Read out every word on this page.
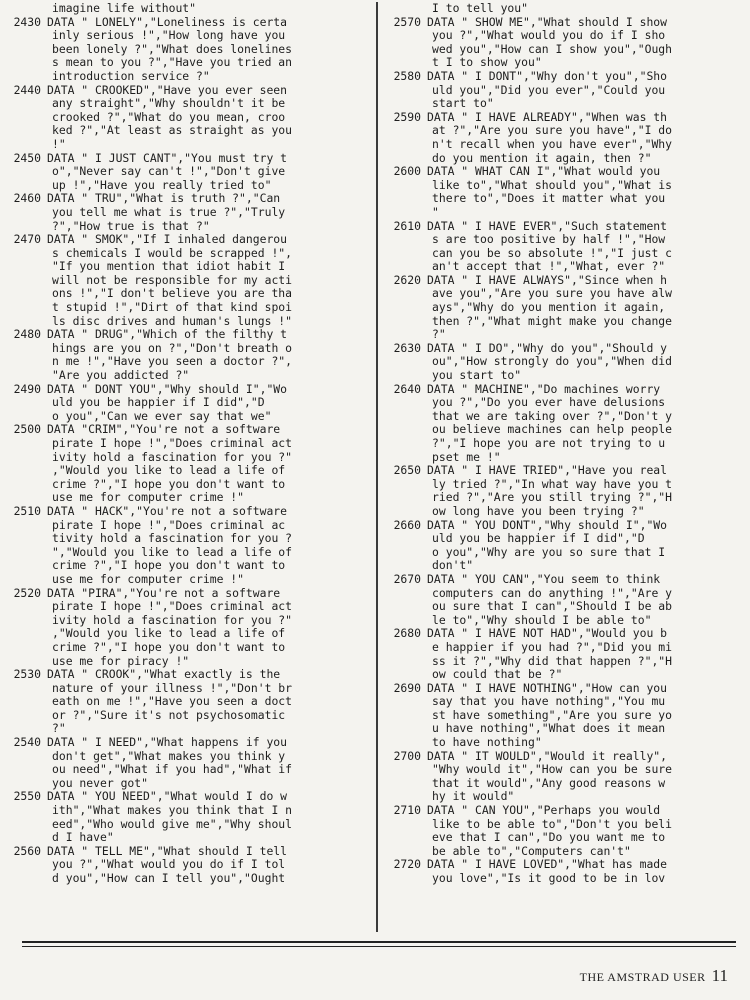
imagine life without"
2430 DATA " LONELY","Loneliness is certa
inly serious !","How long have you
been lonely ?","What does lonelines
s mean to you ?","Have you tried an
introduction service ?"
2440 DATA " CROOKED","Have you ever seen
any straight","Why shouldn't it be
crooked ?","What do you mean, croo
ked ?","At least as straight as you
!"
2450 DATA " I JUST CANT","You must try t
o","Never say can't !","Don't give
up !","Have you really tried to"
2460 DATA " TRU","What is truth ?","Can
you tell me what is true ?","Truly
?","How true is that ?"
2470 DATA " SMOK","If I inhaled dangerou
s chemicals I would be scrapped !",
"If you mention that idiot habit I
will not be responsible for my acti
ons !","I don't believe you are tha
t stupid !","Dirt of that kind spoi
ls disc drives and human's lungs !"
2480 DATA " DRUG","Which of the filthy t
hings are you on ?","Don't breath o
n me !","Have you seen a doctor ?",
"Are you addicted ?"
2490 DATA " DONT YOU","Why should I","Wo
uld you be happier if I did","D
o you","Can we ever say that we"
2500 DATA "CRIM","You're not a software
pirate I hope !","Does criminal act
ivity hold a fascination for you ?"
,"Would you like to lead a life of
crime ?","I hope you don't want to
use me for computer crime !"
2510 DATA " HACK","You're not a software
pirate I hope !","Does criminal ac
tivity hold a fascination for you ?
","Would you like to lead a life of
crime ?","I hope you don't want to
use me for computer crime !"
2520 DATA "PIRA","You're not a software
pirate I hope !","Does criminal act
ivity hold a fascination for you ?"
,"Would you like to lead a life of
crime ?","I hope you don't want to
use me for piracy !"
2530 DATA " CROOK","What exactly is the
nature of your illness !","Don't br
eath on me !","Have you seen a doct
or ?","Sure it's not psychosomatic
?"
2540 DATA " I NEED","What happens if you
don't get","What makes you think y
ou need","What if you had","What if
you never got"
2550 DATA " YOU NEED","What would I do w
ith","What makes you think that I n
eed","Who would give me","Why shoul
d I have"
2560 DATA " TELL ME","What should I tell
you ?","What would you do if I tol
d you","How can I tell you","Ought
I to tell you"
2570 DATA " SHOW ME","What should I show
you ?","What would you do if I sho
wed you","How can I show you","Ough
t I to show you"
2580 DATA " I DONT","Why don't you","Sho
uld you","Did you ever","Could you
start to"
2590 DATA " I HAVE ALREADY","When was th
at ?","Are you sure you have","I do
n't recall when you have ever","Why
do you mention it again, then ?"
2600 DATA " WHAT CAN I","What would you
like to","What should you","What is
there to","Does it matter what you
"
2610 DATA " I HAVE EVER","Such statement
s are too positive by half !","How
can you be so absolute !","I just c
an't accept that !","What, ever ?"
2620 DATA " I HAVE ALWAYS","Since when h
ave you","Are you sure you have alw
ays","Why do you mention it again,
then ?","What might make you change
?"
2630 DATA " I DO","Why do you","Should y
ou","How strongly do you","When did
you start to"
2640 DATA " MACHINE","Do machines worry
you ?","Do you ever have delusions
that we are taking over ?","Don't y
ou believe machines can help people
?","I hope you are not trying to u
pset me !"
2650 DATA " I HAVE TRIED","Have you real
ly tried ?","In what way have you t
ried ?","Are you still trying ?","H
ow long have you been trying ?"
2660 DATA " YOU DONT","Why should I","Wo
uld you be happier if I did","D
o you","Why are you so sure that I
don't"
2670 DATA " YOU CAN","You seem to think
computers can do anything !","Are y
ou sure that I can","Should I be ab
le to","Why should I be able to"
2680 DATA " I HAVE NOT HAD","Would you b
e happier if you had ?","Did you mi
ss it ?","Why did that happen ?","H
ow could that be ?"
2690 DATA " I HAVE NOTHING","How can you
say that you have nothing","You mu
st have something","Are you sure yo
u have nothing","What does it mean
to have nothing"
2700 DATA " IT WOULD","Would it really",
"Why would it","How can you be sure
that it would","Any good reasons w
hy it would"
2710 DATA " CAN YOU","Perhaps you would
like to be able to","Don't you beli
eve that I can","Do you want me to
be able to","Computers can't"
2720 DATA " I HAVE LOVED","What has made
you love","Is it good to be in lov
THE AMSTRAD USER 11
